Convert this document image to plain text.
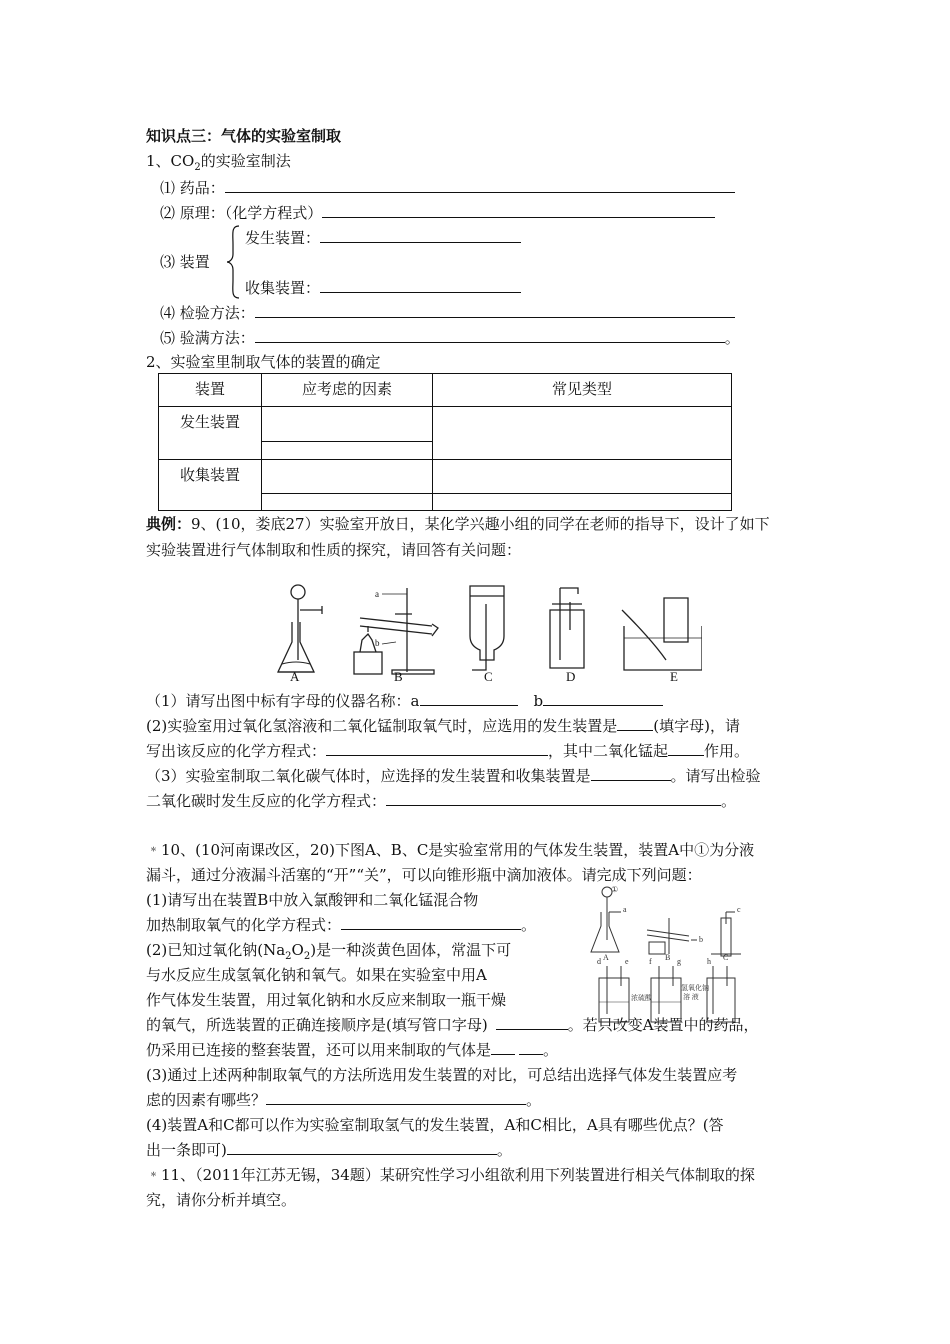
知识点三：气体的实验室制取
1、$CO_2$的实验室制法
⑴ 药品：
⑵ 原理：（化学方程式）
⑶ 装置
发生装置：
收集装置：
⑷ 检验方法：
⑸ 验满方法：	。
2、实验室里制取气体的装置的确定
装置	应考虑的因素	常见类型
发生装置		

收集装置		

典例：9、(10，娄底27）实验室开放日，某化学兴趣小组的同学在老师的指导下，设计了如下
实验装置进行气体制取和性质的探究，请回答有关问题：
A	B	C	D	E
a
b
（1）请写出图中标有字母的仪器名称：a	b
(2)实验室用过氧化氢溶液和二氧化锰制取氧气时，应选用的发生装置是 (填字母)，请
写出该反应的化学方程式：	，其中二氧化锰起 作用。
（3）实验室制取二氧化碳气体时，应选择的发生装置和收集装置是	。请写出检验
二氧化碳时发生反应的化学方程式：	。
﹡10、(10河南课改区，20)下图A、B、C是实验室常用的气体发生装置，装置A中①为分液
漏斗，通过分液漏斗活塞的“开”“关”，可以向锥形瓶中滴加液体。请完成下列问题：
(1)请写出在装置B中放入氯酸钾和二氧化锰混合物
加热制取氧气的化学方程式：	。
(2)已知过氧化钠$(Na_2O_2)$是一种淡黄色固体，常温下可
与水反应生成氢氧化钠和氧气。如果在实验室中用A
作气体发生装置，用过氧化钠和水反应来制取一瓶干燥
的氧气，所选装置的正确连接顺序是(填写管口字母)	。若只改变A装置中的药品，
仍采用已连接的整套装置，还可以用来制取的气体是	。
(3)通过上述两种制取氧气的方法所选用发生装置的对比，可总结出选择气体发生装置应考
虑的因素有哪些？	。
(4)装置A和C都可以作为实验室制取氢气的发生装置，A和C相比，A具有哪些优点？(答
出一条即可)	。
①
a
b
c
d	e	f	g	h
A	B	C
浓硫酸
氢氧化钠
溶 液
﹡11、（2011年江苏无锡，34题）某研究性学习小组欲利用下列装置进行相关气体制取的探
究，请你分析并填空。
